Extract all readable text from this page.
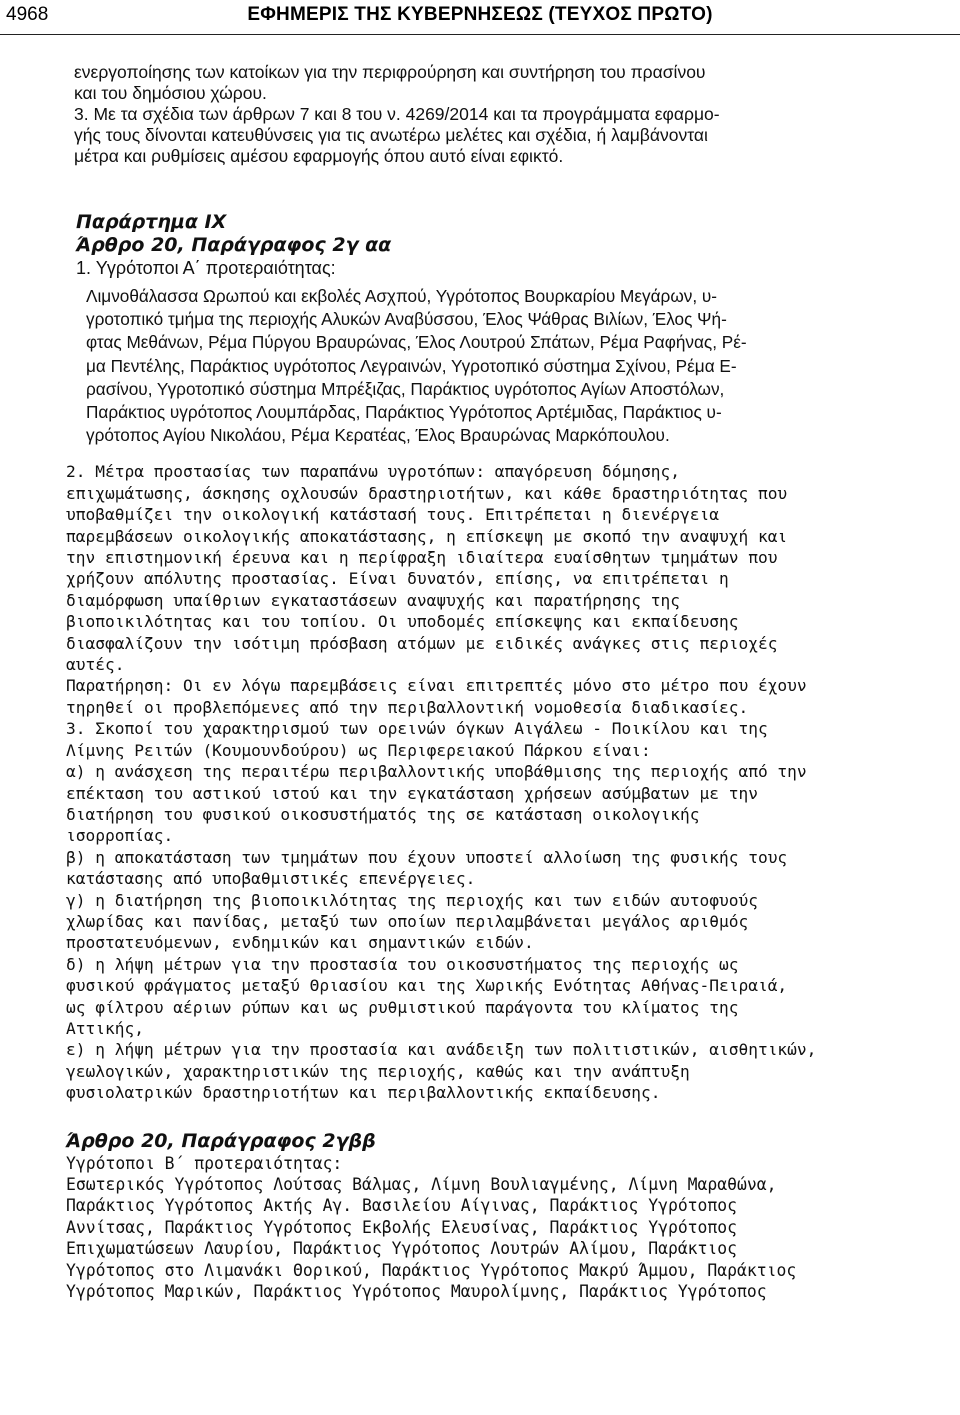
4968	ΕΦΗΜΕΡΙΣ ΤΗΣ ΚΥΒΕΡΝΗΣΕΩΣ (ΤΕΥΧΟΣ ΠΡΩΤΟ)
ενεργοποίησης των κατοίκων για την περιφρούρηση και συντήρηση του πρασίνου
και του δημόσιου χώρου.
3. Με τα σχέδια των άρθρων 7 και 8 του ν. 4269/2014 και τα προγράμματα εφαρμο-
γής τους δίνονται κατευθύνσεις για τις ανωτέρω μελέτες και σχέδια, ή λαμβάνονται
μέτρα και ρυθμίσεις αμέσου εφαρμογής όπου αυτό είναι εφικτό.

Παράρτημα IX

Άρθρο 20, Παράγραφος 2γ αα

1. Υγρότοποι Α΄ προτεραιότητας:
Λιμνοθάλασσα Ωρωπού και εκβολές Ασχπού, Υγρότοπος Βουρκαρίου Μεγάρων, υ-
γροτοπικό τμήμα της περιοχής Αλυκών Αναβύσσου, Έλος Ψάθρας Βιλίων, Έλος Ψή-
φτας Μεθάνων, Ρέμα Πύργου Βραυρώνας, Έλος Λουτρού Σπάτων, Ρέμα Ραφήνας, Ρέ-
μα Πεντέλης, Παράκτιος υγρότοπος Λεγραινών, Υγροτοπικό σύστημα Σχίνου, Ρέμα Ε-
ρασίνου, Υγροτοπικό σύστημα Μπρέξιζας, Παράκτιος υγρότοπος Αγίων Αποστόλων,
Παράκτιος υγρότοπος Λουμπάρδας, Παράκτιος Υγρότοπος Αρτέμιδας, Παράκτιος υ-
γρότοπος Αγίου Νικολάου, Ρέμα Κερατέας, Έλος Βραυρώνας Μαρκόπουλου.
2. Μέτρα προστασίας των παραπάνω υγροτόπων: απαγόρευση δόμησης,
επιχωμάτωσης, άσκησης οχλουσών δραστηριοτήτων, και κάθε δραστηριότητας που
υποβαθμίζει την οικολογική κατάστασή τους. Επιτρέπεται η διενέργεια
παρεμβάσεων οικολογικής αποκατάστασης, η επίσκεψη με σκοπό την αναψυχή και
την επιστημονική έρευνα και η περίφραξη ιδιαίτερα ευαίσθητων τμημάτων που
χρήζουν απόλυτης προστασίας. Είναι δυνατόν, επίσης, να επιτρέπεται η
διαμόρφωση υπαίθριων εγκαταστάσεων αναψυχής και παρατήρησης της
βιοποικιλότητας και του τοπίου. Οι υποδομές επίσκεψης και εκπαίδευσης
διασφαλίζουν την ισότιμη πρόσβαση ατόμων με ειδικές ανάγκες στις περιοχές
αυτές.
Παρατήρηση: Οι εν λόγω παρεμβάσεις είναι επιτρεπτές μόνο στο μέτρο που έχουν
τηρηθεί οι προβλεπόμενες από την περιβαλλοντική νομοθεσία διαδικασίες.
3. Σκοποί του χαρακτηρισμού των ορεινών όγκων Αιγάλεω - Ποικίλου και της
Λίμνης Ρειτών (Κουμουνδούρου) ως Περιφερειακού Πάρκου είναι:
α) η ανάσχεση της περαιτέρω περιβαλλοντικής υποβάθμισης της περιοχής από την
επέκταση του αστικού ιστού και την εγκατάσταση χρήσεων ασύμβατων με την
διατήρηση του φυσικού οικοσυστήματός της σε κατάσταση οικολογικής
ισορροπίας.
β) η αποκατάσταση των τμημάτων που έχουν υποστεί αλλοίωση της φυσικής τους
κατάστασης από υποβαθμιστικές επενέργειες.
γ) η διατήρηση της βιοποικιλότητας της περιοχής και των ειδών αυτοφυούς
χλωρίδας και πανίδας, μεταξύ των οποίων περιλαμβάνεται μεγάλος αριθμός
προστατευόμενων, ενδημικών και σημαντικών ειδών.
δ) η λήψη μέτρων για την προστασία του οικοσυστήματος της περιοχής ως
φυσικού φράγματος μεταξύ Θριασίου και της Χωρικής Ενότητας Αθήνας-Πειραιά,
ως φίλτρου αέριων ρύπων και ως ρυθμιστικού παράγοντα του κλίματος της
Αττικής,
ε) η λήψη μέτρων για την προστασία και ανάδειξη των πολιτιστικών, αισθητικών,
γεωλογικών, χαρακτηριστικών της περιοχής, καθώς και την ανάπτυξη
φυσιολατρικών δραστηριοτήτων και περιβαλλοντικής εκπαίδευσης.

Άρθρο 20, Παράγραφος 2γββ

Υγρότοποι Β΄ προτεραιότητας:
Εσωτερικός Υγρότοπος Λούτσας Βάλμας, Λίμνη Βουλιαγμένης, Λίμνη Μαραθώνα,
Παράκτιος Υγρότοπος Ακτής Αγ. Βασιλείου Αίγινας, Παράκτιος Υγρότοπος
Αννίτσας, Παράκτιος Υγρότοπος Εκβολής Ελευσίνας, Παράκτιος Υγρότοπος
Επιχωματώσεων Λαυρίου, Παράκτιος Υγρότοπος Λουτρών Αλίμου, Παράκτιος
Υγρότοπος στο Λιμανάκι Θορικού, Παράκτιος Υγρότοπος Μακρύ Άμμου, Παράκτιος
Υγρότοπος Μαρικών, Παράκτιος Υγρότοπος Μαυρολίμνης, Παράκτιος Υγρότοπος
